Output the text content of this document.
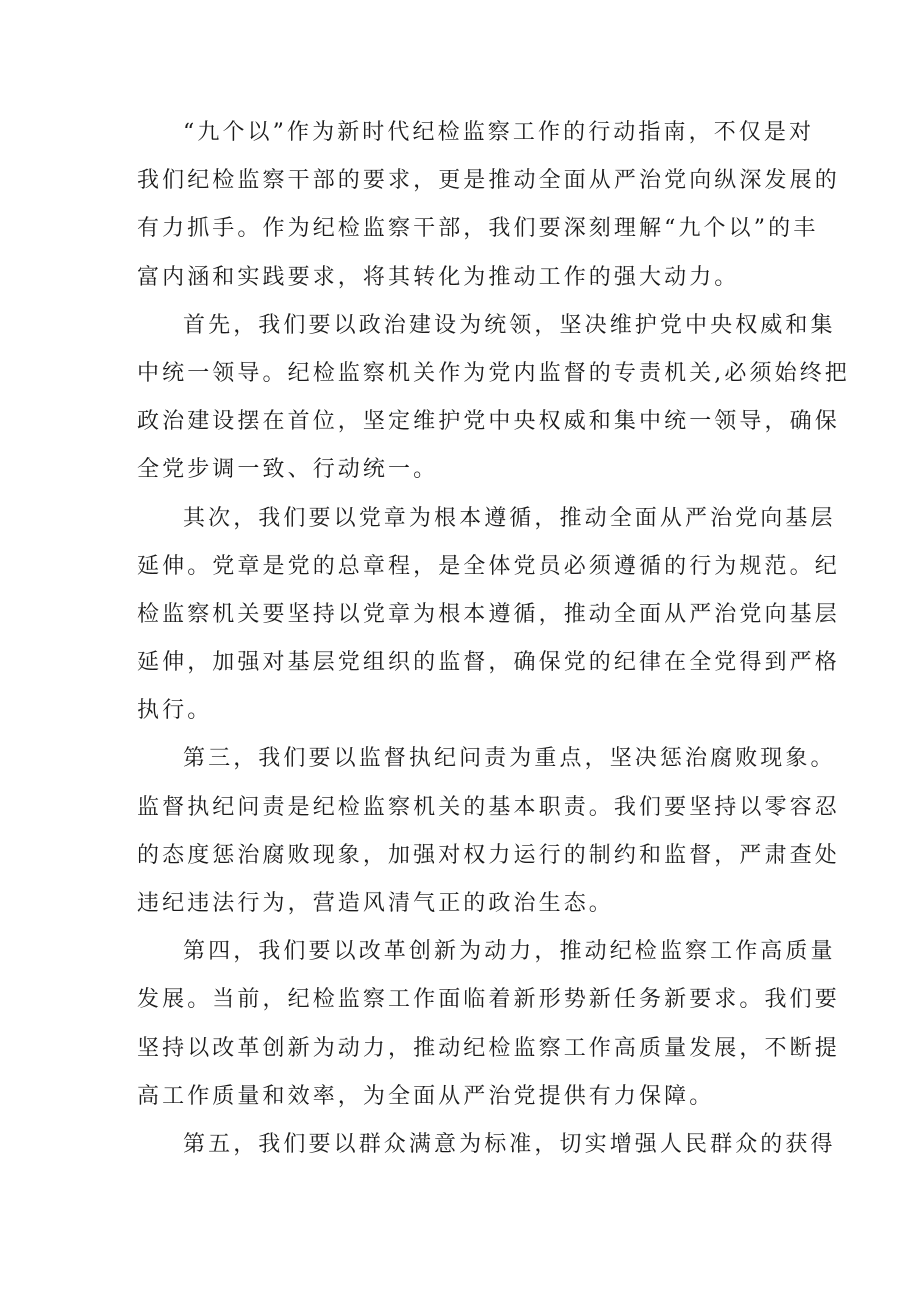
“九个以”作为新时代纪检监察工作的行动指南，不仅是对
我们纪检监察干部的要求，更是推动全面从严治党向纵深发展的
有力抓手。作为纪检监察干部，我们要深刻理解“九个以”的丰
富内涵和实践要求，将其转化为推动工作的强大动力。
首先，我们要以政治建设为统领，坚决维护党中央权威和集
中统一领导。纪检监察机关作为党内监督的专责机关,必须始终把
政治建设摆在首位，坚定维护党中央权威和集中统一领导，确保
全党步调一致、行动统一。
其次，我们要以党章为根本遵循，推动全面从严治党向基层
延伸。党章是党的总章程，是全体党员必须遵循的行为规范。纪
检监察机关要坚持以党章为根本遵循，推动全面从严治党向基层
延伸，加强对基层党组织的监督，确保党的纪律在全党得到严格
执行。
第三，我们要以监督执纪问责为重点，坚决惩治腐败现象。
监督执纪问责是纪检监察机关的基本职责。我们要坚持以零容忍
的态度惩治腐败现象，加强对权力运行的制约和监督，严肃查处
违纪违法行为，营造风清气正的政治生态。
第四，我们要以改革创新为动力，推动纪检监察工作高质量
发展。当前，纪检监察工作面临着新形势新任务新要求。我们要
坚持以改革创新为动力，推动纪检监察工作高质量发展，不断提
高工作质量和效率，为全面从严治党提供有力保障。
第五，我们要以群众满意为标准，切实增强人民群众的获得
